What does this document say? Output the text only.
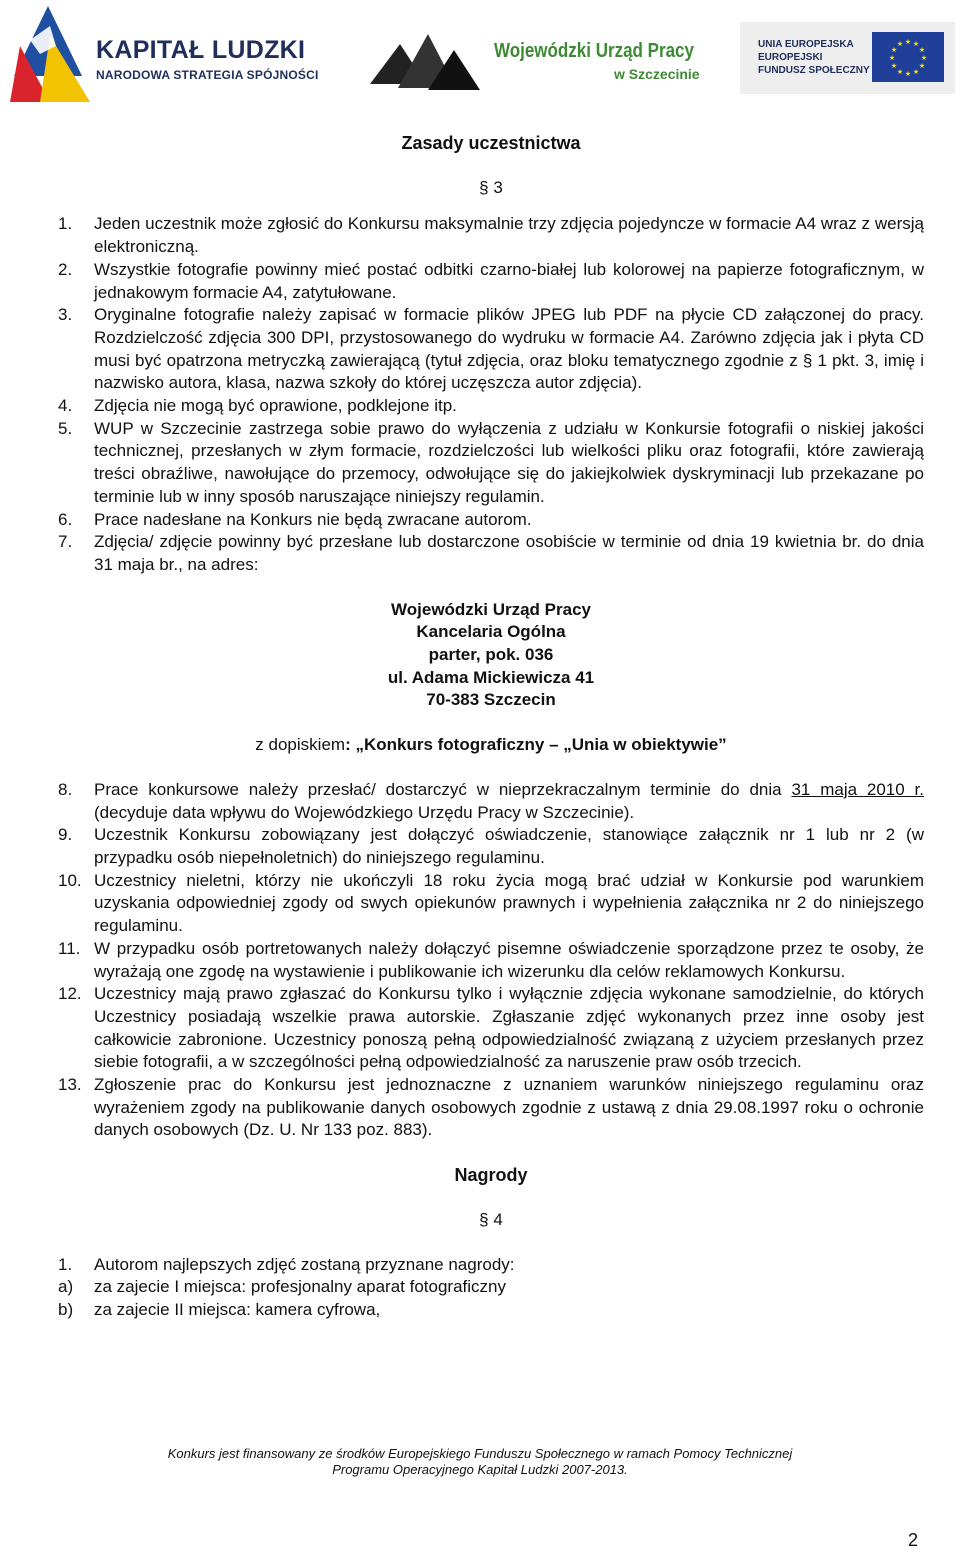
KAPITAŁ LUDZKI
NARODOWA STRATEGIA SPÓJNOŚCI
Wojewódzki Urząd Pracy
w Szczecinie
UNIA EUROPEJSKA
EUROPEJSKI
FUNDUSZ SPOŁECZNY
★ ★
★
★
★
★
★
★
★
★
★
★
Zasady uczestnictwa
§ 3
1. Jeden uczestnik może zgłosić do Konkursu maksymalnie trzy zdjęcia pojedyncze w formacie A4 wraz z wersją elektroniczną.
2. Wszystkie fotografie powinny mieć postać odbitki czarno-białej lub kolorowej na papierze fotograficznym, w jednakowym formacie A4, zatytułowane.
3. Oryginalne fotografie należy zapisać w formacie plików JPEG lub PDF na płycie CD załączonej do pracy. Rozdzielczość zdjęcia 300 DPI, przystosowanego do wydruku w formacie A4. Zarówno zdjęcia jak i płyta CD musi być opatrzona metryczką zawierającą (tytuł zdjęcia, oraz bloku tematycznego zgodnie z § 1 pkt. 3, imię i nazwisko autora, klasa, nazwa szkoły do której uczęszcza autor zdjęcia).
4. Zdjęcia nie mogą być oprawione, podklejone itp.
5. WUP w Szczecinie zastrzega sobie prawo do wyłączenia z udziału w Konkursie fotografii o niskiej jakości technicznej, przesłanych w złym formacie, rozdzielczości lub wielkości pliku oraz fotografii, które zawierają treści obraźliwe, nawołujące do przemocy, odwołujące się do jakiejkolwiek dyskryminacji lub przekazane po terminie lub w inny sposób naruszające niniejszy regulamin.
6. Prace nadesłane na Konkurs nie będą zwracane autorom.
7. Zdjęcia/ zdjęcie powinny być przesłane lub dostarczone osobiście w terminie od dnia 19 kwietnia br. do dnia 31 maja br., na adres:
Wojewódzki Urząd Pracy
Kancelaria Ogólna
parter, pok. 036
ul. Adama Mickiewicza 41
70-383 Szczecin
z dopiskiem: „Konkurs fotograficzny – „Unia w obiektywie”
8. Prace konkursowe należy przesłać/ dostarczyć w nieprzekraczalnym terminie do dnia 31 maja 2010 r. (decyduje data wpływu do Wojewódzkiego Urzędu Pracy w Szczecinie).
9. Uczestnik Konkursu zobowiązany jest dołączyć oświadczenie, stanowiące załącznik nr 1 lub nr 2 (w przypadku osób niepełnoletnich) do niniejszego regulaminu.
10. Uczestnicy nieletni, którzy nie ukończyli 18 roku życia mogą brać udział w Konkursie pod warunkiem uzyskania odpowiedniej zgody od swych opiekunów prawnych i wypełnienia załącznika nr 2 do niniejszego regulaminu.
11. W przypadku osób portretowanych należy dołączyć pisemne oświadczenie sporządzone przez te osoby, że wyrażają one zgodę na wystawienie i publikowanie ich wizerunku dla celów reklamowych Konkursu.
12. Uczestnicy mają prawo zgłaszać do Konkursu tylko i wyłącznie zdjęcia wykonane samodzielnie, do których Uczestnicy posiadają wszelkie prawa autorskie. Zgłaszanie zdjęć wykonanych przez inne osoby jest całkowicie zabronione. Uczestnicy ponoszą pełną odpowiedzialność związaną z użyciem przesłanych przez siebie fotografii, a w szczególności pełną odpowiedzialność za naruszenie praw osób trzecich.
13. Zgłoszenie prac do Konkursu jest jednoznaczne z uznaniem warunków niniejszego regulaminu oraz wyrażeniem zgody na publikowanie danych osobowych zgodnie z ustawą z dnia 29.08.1997 roku o ochronie danych osobowych (Dz. U. Nr 133 poz. 883).
Nagrody
§ 4
1. Autorom najlepszych zdjęć zostaną przyznane nagrody:
a) za zajecie I miejsca: profesjonalny aparat fotograficzny
b) za zajecie II miejsca: kamera cyfrowa,
Konkurs jest finansowany ze środków Europejskiego Funduszu Społecznego w ramach Pomocy Technicznej
Programu Operacyjnego Kapitał Ludzki 2007-2013.
2
